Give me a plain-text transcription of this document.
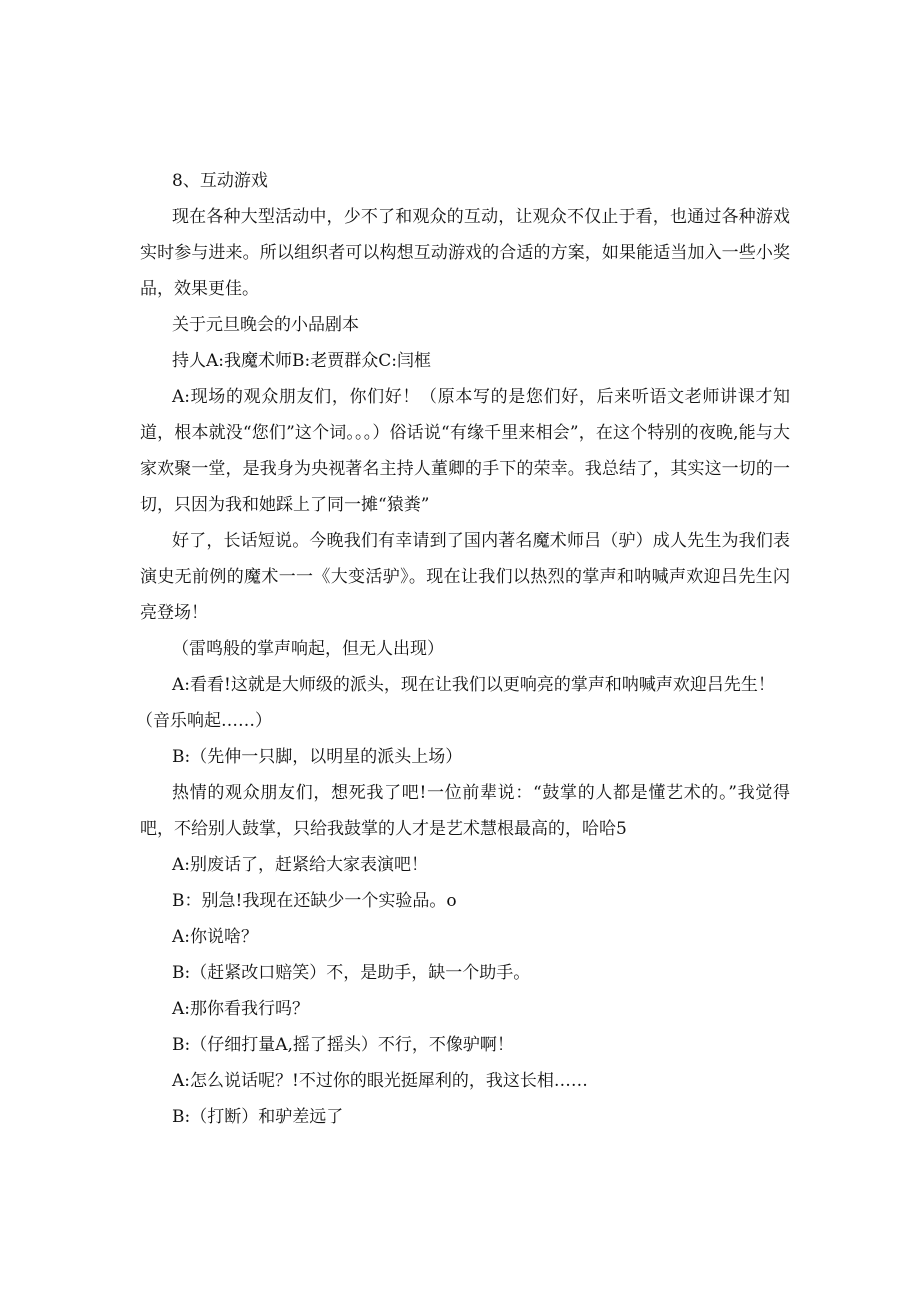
8、互动游戏
现在各种大型活动中，少不了和观众的互动，让观众不仅止于看，也通过各种游戏实时参与进来。所以组织者可以构想互动游戏的合适的方案，如果能适当加入一些小奖品，效果更佳。
关于元旦晚会的小品剧本
持人A:我魔术师B:老贾群众C:闫框
A:现场的观众朋友们，你们好！（原本写的是您们好，后来听语文老师讲课才知道，根本就没“您们”这个词。。。）俗话说“有缘千里来相会”，在这个特别的夜晚,能与大家欢聚一堂，是我身为央视著名主持人董卿的手下的荣幸。我总结了，其实这一切的一切，只因为我和她踩上了同一摊“猿粪”
好了，长话短说。今晚我们有幸请到了国内著名魔术师吕（驴）成人先生为我们表演史无前例的魔术一一《大变活驴》。现在让我们以热烈的掌声和呐喊声欢迎吕先生闪亮登场！
（雷鸣般的掌声响起，但无人出现）
A:看看!这就是大师级的派头，现在让我们以更响亮的掌声和呐喊声欢迎吕先生！
（音乐响起……）
B:（先伸一只脚，以明星的派头上场）
热情的观众朋友们，想死我了吧!一位前辈说：“鼓掌的人都是懂艺术的。”我觉得吧，不给别人鼓掌，只给我鼓掌的人才是艺术慧根最高的，哈哈5
A:别废话了，赶紧给大家表演吧！
B：别急!我现在还缺少一个实验品。o
A:你说啥？
B:（赶紧改口赔笑）不，是助手，缺一个助手。
A:那你看我行吗？
B:（仔细打量A,摇了摇头）不行，不像驴啊！
A:怎么说话呢？!不过你的眼光挺犀利的，我这长相……
B:（打断）和驴差远了
